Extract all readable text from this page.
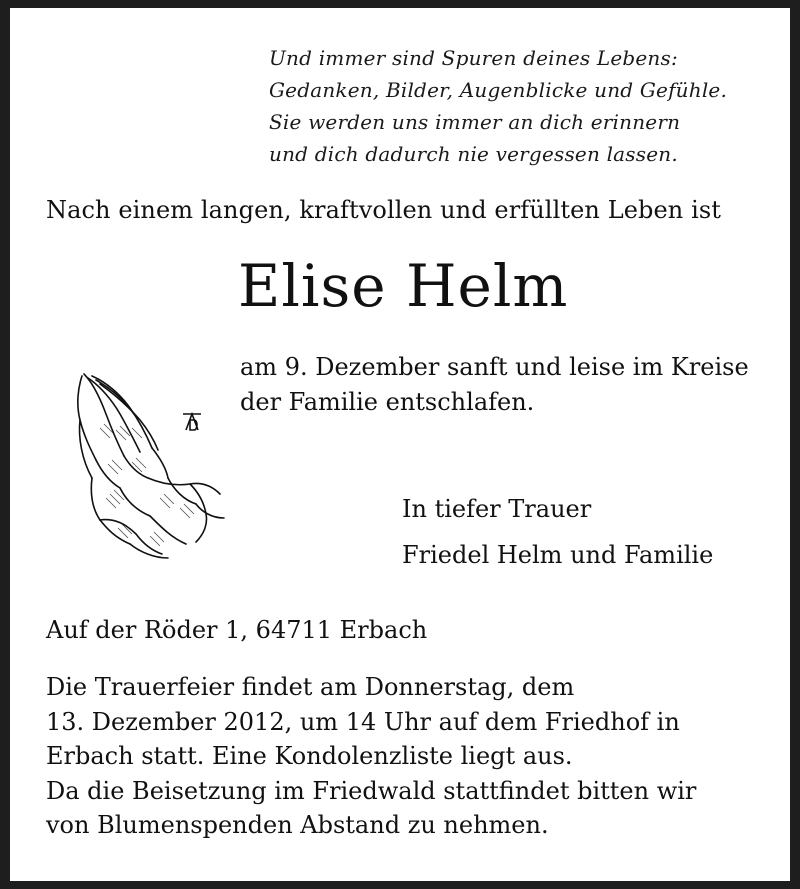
Und immer sind Spuren deines Lebens:
Gedanken, Bilder, Augenblicke und Gefühle.
Sie werden uns immer an dich erinnern
und dich dadurch nie vergessen lassen.
Nach einem langen, kraftvollen und erfüllten Leben ist
Elise Helm
am 9. Dezember sanft und leise im Kreise
der Familie entschlafen.
In tiefer Trauer
Friedel Helm und Familie
Auf der Röder 1, 64711 Erbach
Die Trauerfeier findet am Donnerstag, dem
13. Dezember 2012, um 14 Uhr auf dem Friedhof in
Erbach statt. Eine Kondolenzliste liegt aus.
Da die Beisetzung im Friedwald stattfindet bitten wir
von Blumenspenden Abstand zu nehmen.
